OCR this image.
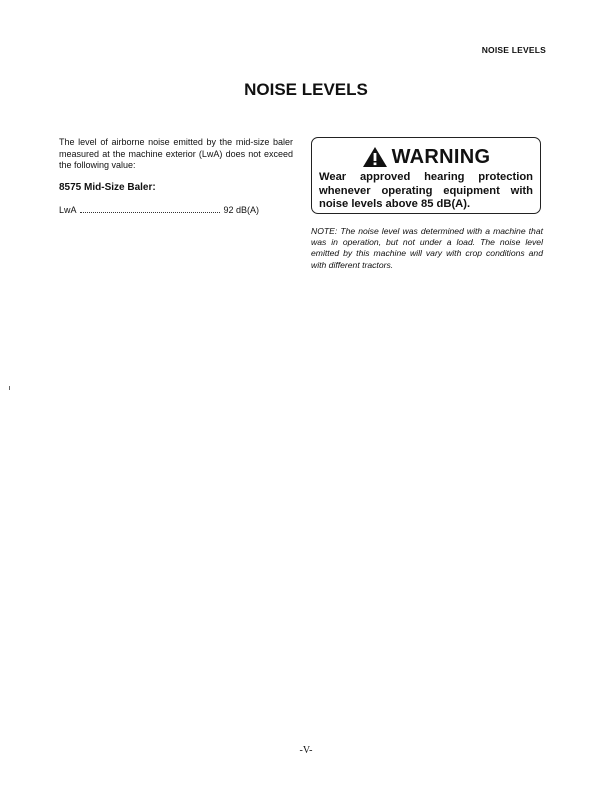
NOISE LEVELS
NOISE LEVELS

The level of airborne noise emitted by the mid-size baler measured at the machine exterior (LwA) does not exceed the following value:

8575 Mid-Size Baler:
LwA	92 dB(A)
WARNING
Wear approved hearing protection whenever operating equipment with noise levels above 85 dB(A).

NOTE: The noise level was determined with a machine that was in operation, but not under a load. The noise level emitted by this machine will vary with crop conditions and with different tractors.

-V-
